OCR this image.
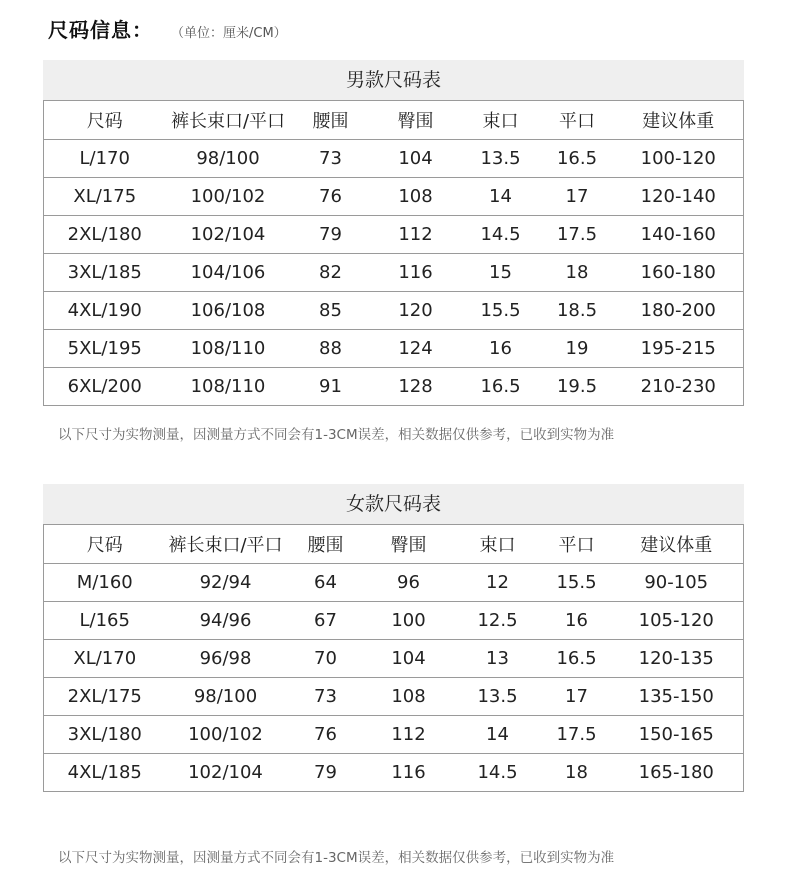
尺码信息： （单位：厘米/CM）
男款尺码表
尺码	裤长束口/平口	腰围	臀围	束口	平口	建议体重
L/170	98/100	73	104	13.5	16.5	100-120
XL/175	100/102	76	108	14	17	120-140
2XL/180	102/104	79	112	14.5	17.5	140-160
3XL/185	104/106	82	116	15	18	160-180
4XL/190	106/108	85	120	15.5	18.5	180-200
5XL/195	108/110	88	124	16	19	195-215
6XL/200	108/110	91	128	16.5	19.5	210-230
以下尺寸为实物测量，因测量方式不同会有1-3CM误差，相关数据仅供参考，已收到实物为准
女款尺码表
尺码	裤长束口/平口	腰围	臀围	束口	平口	建议体重
M/160	92/94	64	96	12	15.5	90-105
L/165	94/96	67	100	12.5	16	105-120
XL/170	96/98	70	104	13	16.5	120-135
2XL/175	98/100	73	108	13.5	17	135-150
3XL/180	100/102	76	112	14	17.5	150-165
4XL/185	102/104	79	116	14.5	18	165-180
以下尺寸为实物测量，因测量方式不同会有1-3CM误差，相关数据仅供参考，已收到实物为准
